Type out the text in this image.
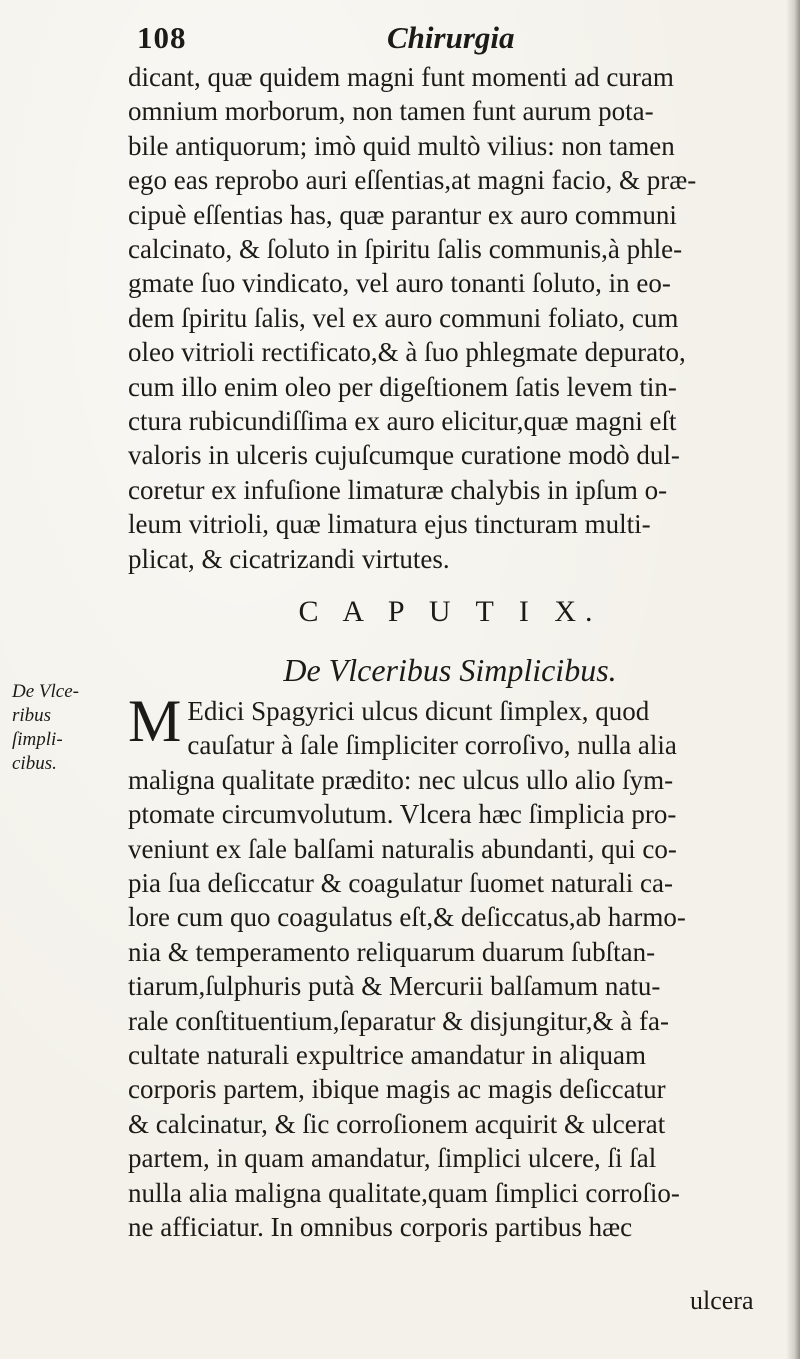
108	Chirurgia
dicant, quæ quidem magni funt momenti ad curam
omnium morborum, non tamen funt aurum pota-
bile antiquorum; imò quid multò vilius: non tamen
ego eas reprobo auri eſſentias,at magni facio, & præ-
cipuè eſſentias has, quæ parantur ex auro communi
calcinato, & ſoluto in ſpiritu ſalis communis,à phle-
gmate ſuo vindicato, vel auro tonanti ſoluto, in eo-
dem ſpiritu ſalis, vel ex auro communi foliato, cum
oleo vitrioli rectificato,& à ſuo phlegmate depurato,
cum illo enim oleo per digeſtionem ſatis levem tin-
ctura rubicundiſſima ex auro elicitur,quæ magni eſt
valoris in ulceris cujuſcumque curatione modò dul-
coretur ex infuſione limaturæ chalybis in ipſum o-
leum vitrioli, quæ limatura ejus tincturam multi-
plicat, & cicatrizandi virtutes.
C A P U T I X.
De Vlceribus Simplicibus.
De Vlce-
ribus
ſimpli-
cibus.
M Edici Spagyrici ulcus dicunt ſimplex, quod
cauſatur à ſale ſimpliciter corroſivo, nulla alia
maligna qualitate prædito: nec ulcus ullo alio ſym-
ptomate circumvolutum. Vlcera hæc ſimplicia pro-
veniunt ex ſale balſami naturalis abundanti, qui co-
pia ſua deſiccatur & coagulatur ſuomet naturali ca-
lore cum quo coagulatus eſt,& deſiccatus,ab harmo-
nia & temperamento reliquarum duarum ſubſtan-
tiarum,ſulphuris putà & Mercurii balſamum natu-
rale conſtituentium,ſeparatur & disjungitur,& à fa-
cultate naturali expultrice amandatur in aliquam
corporis partem, ibique magis ac magis deſiccatur
& calcinatur, & ſic corroſionem acquirit & ulcerat
partem, in quam amandatur, ſimplici ulcere, ſi ſal
nulla alia maligna qualitate,quam ſimplici corroſio-
ne afficiatur. In omnibus corporis partibus hæc
ulcera
